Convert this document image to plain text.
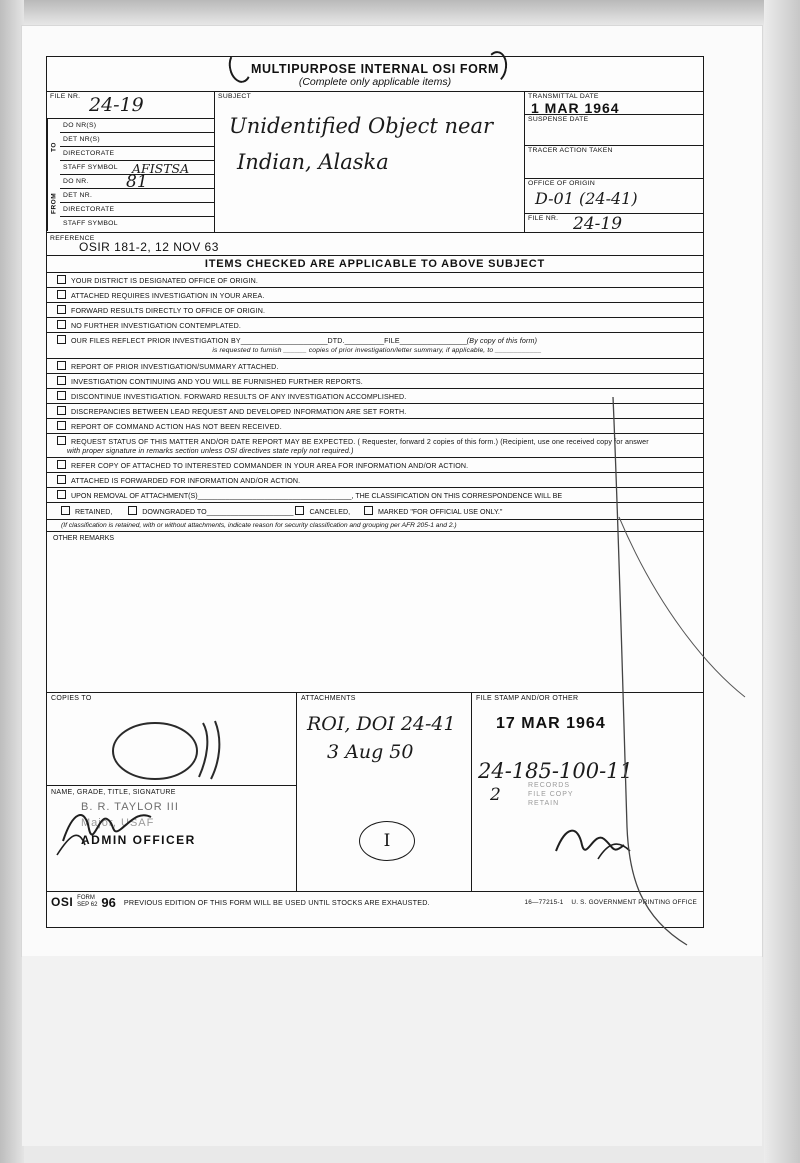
MULTIPURPOSE INTERNAL OSI FORM
(Complete only applicable items)
FILE NR. 24-19
TO
DO NR(S)
DET NR(S)
DIRECTORATE
STAFF SYMBOL AFISTSA
FROM
DO NR. 81
DET NR.
DIRECTORATE
STAFF SYMBOL
SUBJECT
Unidentified Object near
Indian, Alaska
TRANSMITTAL DATE
1 MAR 1964
SUSPENSE DATE
TRACER ACTION TAKEN
OFFICE OF ORIGIN
D-01 (24-41)
FILE NR. 24-19
REFERENCE
OSIR 181-2, 12 NOV 63
ITEMS CHECKED ARE APPLICABLE TO ABOVE SUBJECT
YOUR DISTRICT IS DESIGNATED OFFICE OF ORIGIN.
ATTACHED REQUIRES INVESTIGATION IN YOUR AREA.
FORWARD RESULTS DIRECTLY TO OFFICE OF ORIGIN.
NO FURTHER INVESTIGATION CONTEMPLATED.
OUR FILES REFLECT PRIOR INVESTIGATION BY______________________DTD.__________FILE_________________(By copy of this form)
is requested to furnish ______ copies of prior investigation/letter summary, if applicable, to ____________
REPORT OF PRIOR INVESTIGATION/SUMMARY ATTACHED.
INVESTIGATION CONTINUING AND YOU WILL BE FURNISHED FURTHER REPORTS.
DISCONTINUE INVESTIGATION. FORWARD RESULTS OF ANY INVESTIGATION ACCOMPLISHED.
DISCREPANCIES BETWEEN LEAD REQUEST AND DEVELOPED INFORMATION ARE SET FORTH.
REPORT OF COMMAND ACTION HAS NOT BEEN RECEIVED.
REQUEST STATUS OF THIS MATTER AND/OR DATE REPORT MAY BE EXPECTED. ( Requester, forward 2 copies of this form.) (Recipient, use one received copy for answer
with proper signature in remarks section unless OSI directives state reply not required.)
REFER COPY OF ATTACHED TO INTERESTED COMMANDER IN YOUR AREA FOR INFORMATION AND/OR ACTION.
ATTACHED IS FORWARDED FOR INFORMATION AND/OR ACTION.
UPON REMOVAL OF ATTACHMENT(S)_______________________________________, THE CLASSIFICATION ON THIS CORRESPONDENCE WILL BE
RETAINED,	DOWNGRADED TO______________________ CANCELED,	MARKED "FOR OFFICIAL USE ONLY."
(If classification is retained, with or without attachments, indicate reason for security classification and grouping per AFR 205-1 and 2.)
OTHER REMARKS
COPIES TO
NAME, GRADE, TITLE, SIGNATURE
B. R. TAYLOR III
Major, USAF
ADMIN OFFICER
ATTACHMENTS
ROI, DOI 24-41
3 Aug 50
I
FILE STAMP AND/OR OTHER
17 MAR 1964
24-185-100-11
2	RECORDS
FILE COPY
RETAIN
OSI FORM
SEP 62 96 PREVIOUS EDITION OF THIS FORM WILL BE USED UNTIL STOCKS ARE EXHAUSTED.	16—77215-1 U. S. GOVERNMENT PRINTING OFFICE
